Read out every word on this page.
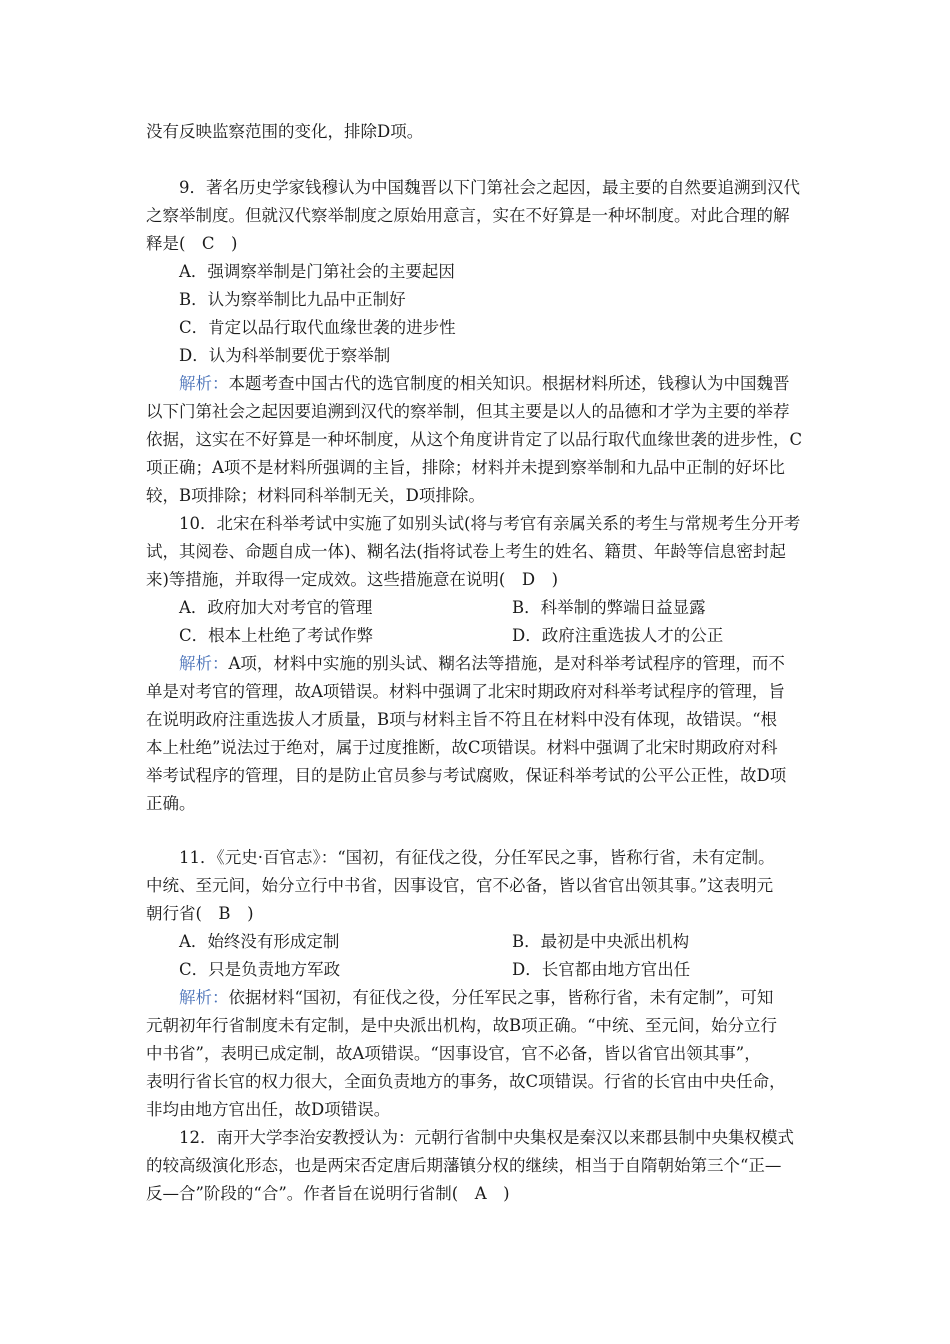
没有反映监察范围的变化，排除D项。
9．著名历史学家钱穆认为中国魏晋以下门第社会之起因，最主要的自然要追溯到汉代
之察举制度。但就汉代察举制度之原始用意言，实在不好算是一种坏制度。对此合理的解
释是(　C　)
A．强调察举制是门第社会的主要起因
B．认为察举制比九品中正制好
C．肯定以品行取代血缘世袭的进步性
D．认为科举制要优于察举制
解析：本题考查中国古代的选官制度的相关知识。根据材料所述，钱穆认为中国魏晋
以下门第社会之起因要追溯到汉代的察举制，但其主要是以人的品德和才学为主要的举荐
依据，这实在不好算是一种坏制度，从这个角度讲肯定了以品行取代血缘世袭的进步性，C
项正确；A项不是材料所强调的主旨，排除；材料并未提到察举制和九品中正制的好坏比
较，B项排除；材料同科举制无关，D项排除。
10．北宋在科举考试中实施了如别头试(将与考官有亲属关系的考生与常规考生分开考
试，其阅卷、命题自成一体)、糊名法(指将试卷上考生的姓名、籍贯、年龄等信息密封起
来)等措施，并取得一定成效。这些措施意在说明(　D　)
A．政府加大对考官的管理	B．科举制的弊端日益显露
C．根本上杜绝了考试作弊	D．政府注重选拔人才的公正
解析：A项，材料中实施的别头试、糊名法等措施，是对科举考试程序的管理，而不
单是对考官的管理，故A项错误。材料中强调了北宋时期政府对科举考试程序的管理，旨
在说明政府注重选拔人才质量，B项与材料主旨不符且在材料中没有体现，故错误。“根
本上杜绝”说法过于绝对，属于过度推断，故C项错误。材料中强调了北宋时期政府对科
举考试程序的管理，目的是防止官员参与考试腐败，保证科举考试的公平公正性，故D项
正确。
11．《元史·百官志》：“国初，有征伐之役，分任军民之事，皆称行省，未有定制。
中统、至元间，始分立行中书省，因事设官，官不必备，皆以省官出领其事。”这表明元
朝行省(　B　)
A．始终没有形成定制	B．最初是中央派出机构
C．只是负责地方军政	D．长官都由地方官出任
解析：依据材料“国初，有征伐之役，分任军民之事，皆称行省，未有定制”，可知
元朝初年行省制度未有定制，是中央派出机构，故B项正确。“中统、至元间，始分立行
中书省”，表明已成定制，故A项错误。“因事设官，官不必备，皆以省官出领其事”，
表明行省长官的权力很大，全面负责地方的事务，故C项错误。行省的长官由中央任命，
非均由地方官出任，故D项错误。
12．南开大学李治安教授认为：元朝行省制中央集权是秦汉以来郡县制中央集权模式
的较高级演化形态，也是两宋否定唐后期藩镇分权的继续，相当于自隋朝始第三个“正—
反—合”阶段的“合”。作者旨在说明行省制(　A　)
